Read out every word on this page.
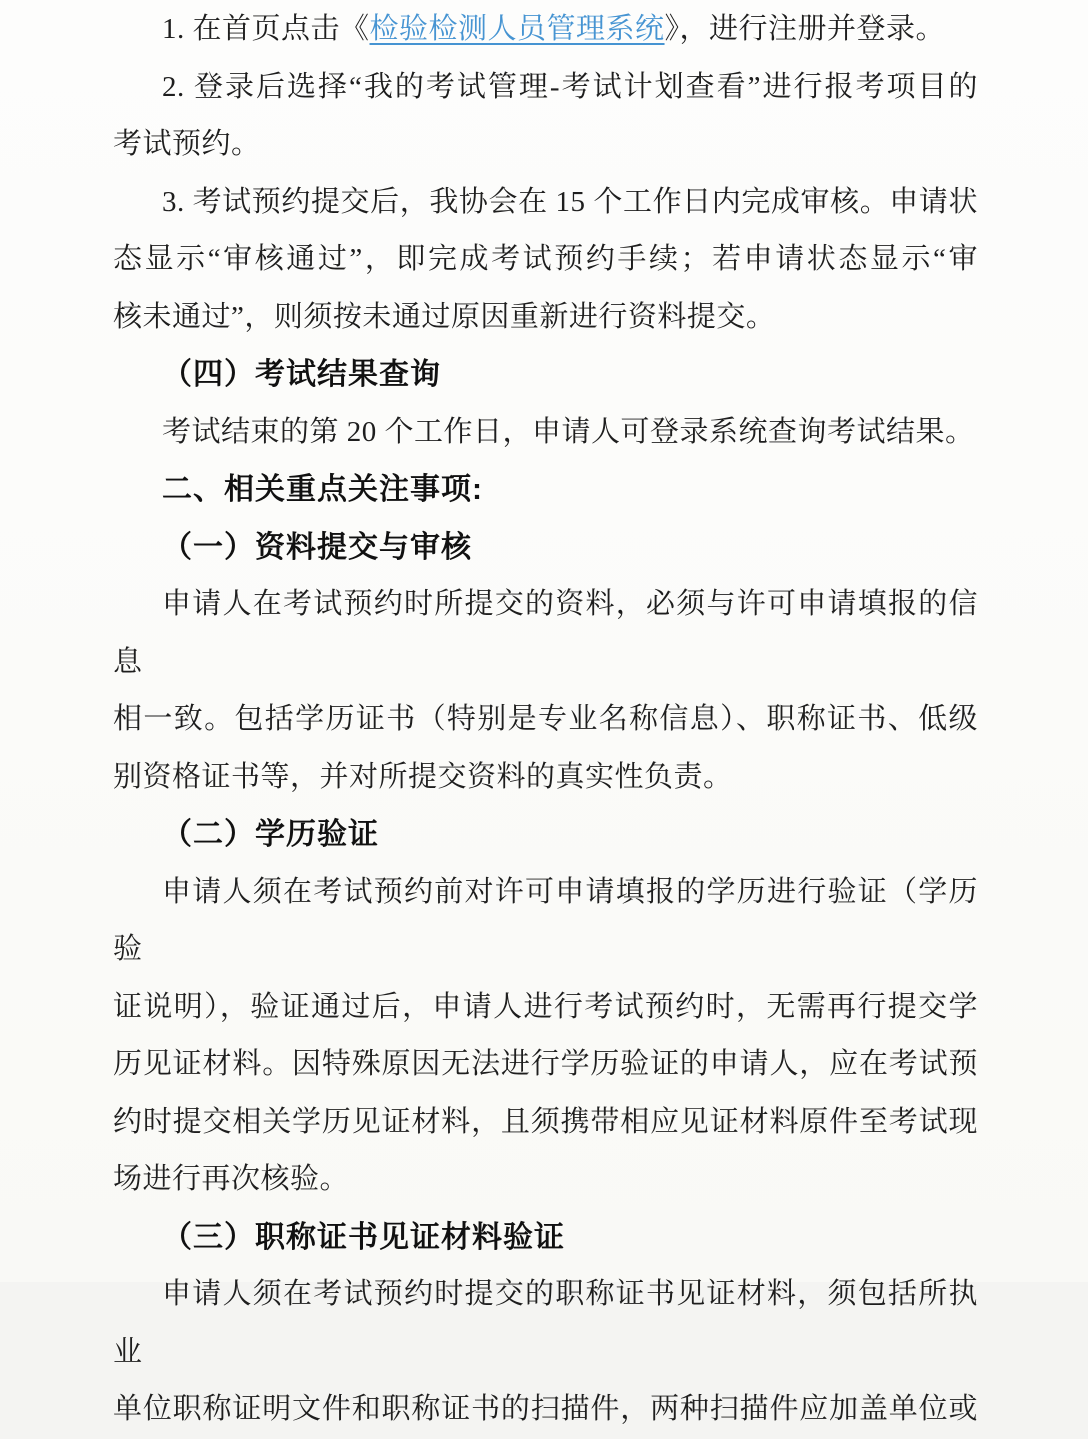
1. 在首页点击《检验检测人员管理系统》，进行注册并登录。
2. 登录后选择“我的考试管理-考试计划查看”进行报考项目的
考试预约。
3. 考试预约提交后，我协会在 15 个工作日内完成审核。申请状
态显示“审核通过”，即完成考试预约手续；若申请状态显示“审
核未通过”，则须按未通过原因重新进行资料提交。
（四）考试结果查询
考试结束的第 20 个工作日，申请人可登录系统查询考试结果。
二、相关重点关注事项:
（一）资料提交与审核
申请人在考试预约时所提交的资料，必须与许可申请填报的信息
相一致。包括学历证书（特别是专业名称信息）、职称证书、低级
别资格证书等，并对所提交资料的真实性负责。
（二）学历验证
申请人须在考试预约前对许可申请填报的学历进行验证（学历验
证说明），验证通过后，申请人进行考试预约时，无需再行提交学
历见证材料。因特殊原因无法进行学历验证的申请人，应在考试预
约时提交相关学历见证材料，且须携带相应见证材料原件至考试现
场进行再次核验。
（三）职称证书见证材料验证
申请人须在考试预约时提交的职称证书见证材料，须包括所执业
单位职称证明文件和职称证书的扫描件，两种扫描件应加盖单位或
